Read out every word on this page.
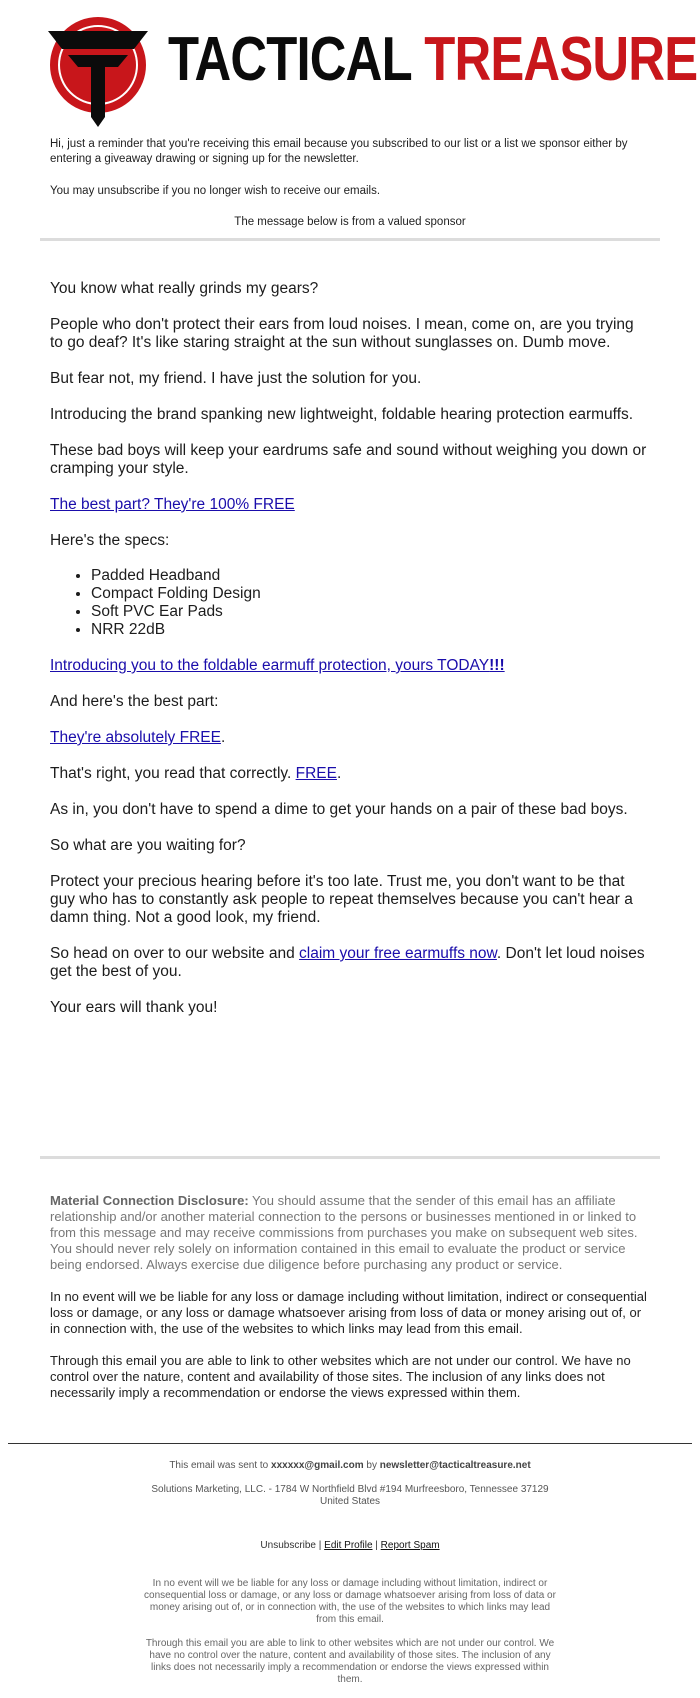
TACTICAL TREASURE

Hi, just a reminder that you're receiving this email because you subscribed to our list or a list we sponsor either by entering a giveaway drawing or signing up for the newsletter.

You may unsubscribe if you no longer wish to receive our emails.

The message below is from a valued sponsor

You know what really grinds my gears?

People who don't protect their ears from loud noises. I mean, come on, are you trying to go deaf? It's like staring straight at the sun without sunglasses on. Dumb move.

But fear not, my friend. I have just the solution for you.

Introducing the brand spanking new lightweight, foldable hearing protection earmuffs.

These bad boys will keep your eardrums safe and sound without weighing you down or cramping your style.

The best part? They're 100% FREE

Here's the specs:

• Padded Headband
• Compact Folding Design
• Soft PVC Ear Pads
• NRR 22dB

Introducing you to the foldable earmuff protection, yours TODAY!!!

And here's the best part:

They're absolutely FREE.

That's right, you read that correctly. FREE.

As in, you don't have to spend a dime to get your hands on a pair of these bad boys.

So what are you waiting for?

Protect your precious hearing before it's too late. Trust me, you don't want to be that guy who has to constantly ask people to repeat themselves because you can't hear a damn thing. Not a good look, my friend.

So head on over to our website and claim your free earmuffs now. Don't let loud noises
get the best of you.

Your ears will thank you!

Material Connection Disclosure: You should assume that the sender of this email has an affiliate relationship and/or another material connection to the persons or businesses mentioned in or linked to from this message and may receive commissions from purchases you make on subsequent web sites. You should never rely solely on information contained in this email to evaluate the product or service being endorsed. Always exercise due diligence before purchasing any product or service.

In no event will we be liable for any loss or damage including without limitation, indirect or consequential loss or damage, or any loss or damage whatsoever arising from loss of data or money arising out of, or in connection with, the use of the websites to which links may lead from this email.

Through this email you are able to link to other websites which are not under our control. We have no control over the nature, content and availability of those sites. The inclusion of any links does not necessarily imply a recommendation or endorse the views expressed within them.

This email was sent to xxxxxx@gmail.com by newsletter@tacticaltreasure.net
Solutions Marketing, LLC. - 1784 W Northfield Blvd #194 Murfreesboro, Tennessee 37129 United States
Unsubscribe | Edit Profile | Report Spam

In no event will we be liable for any loss or damage including without limitation, indirect or consequential loss or damage, or any loss or damage whatsoever arising from loss of data or money arising out of, or in connection with, the use of the websites to which links may lead from this email.

Through this email you are able to link to other websites which are not under our control. We have no control over the nature, content and availability of those sites. The inclusion of any links does not necessarily imply a recommendation or endorse the views expressed within them.
